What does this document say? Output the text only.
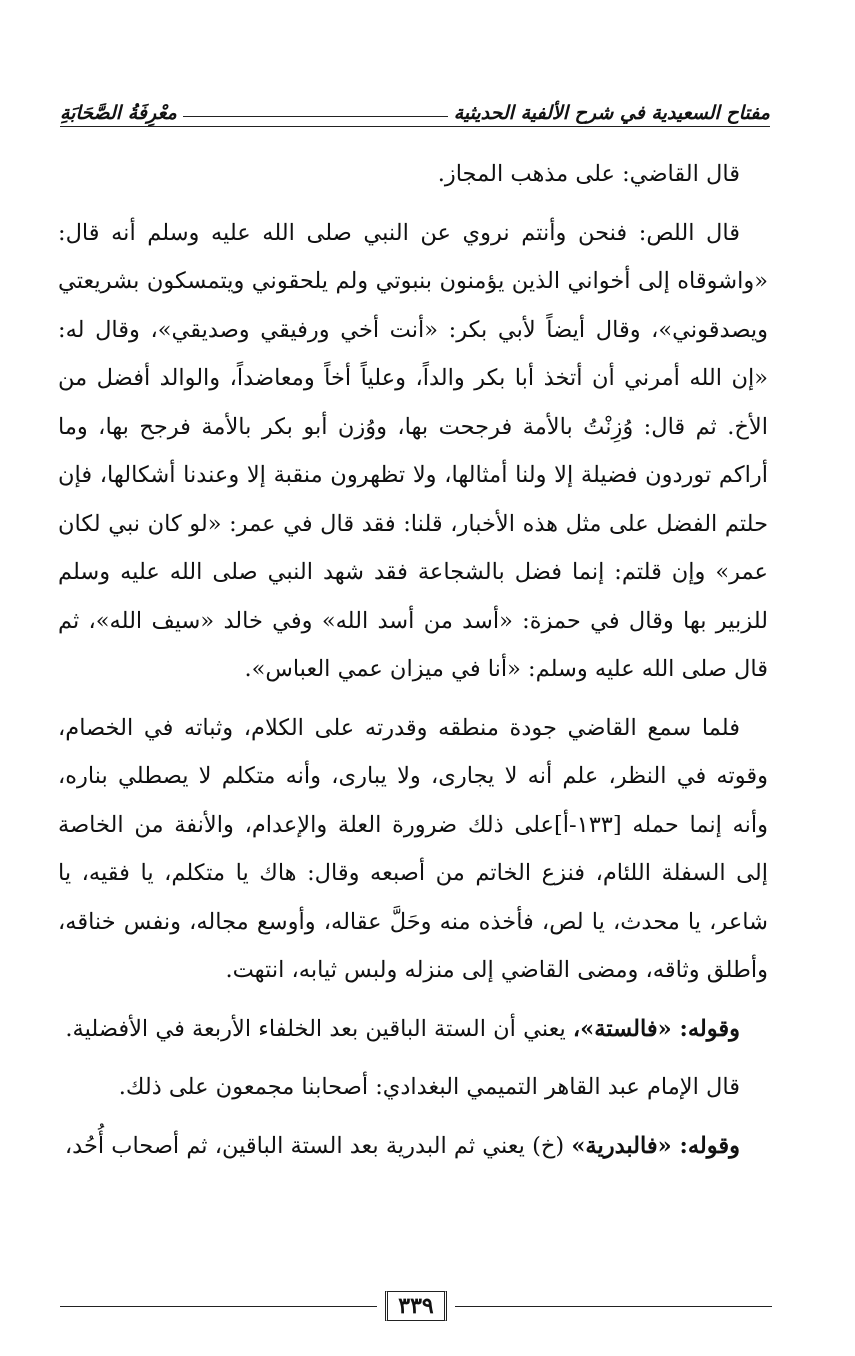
مفتاح السعيدية في شرح الألفية الحديثية
معْرِفَةُ الصَّحَابَةِ

قال القاضي: على مذهب المجاز.

قال اللص: فنحن وأنتم نروي عن النبي صلى الله عليه وسلم أنه قال: «واشوقاه إلى أخواني الذين يؤمنون بنبوتي ولم يلحقوني ويتمسكون بشريعتي ويصدقوني»، وقال أيضاً لأبي بكر: «أنت أخي ورفيقي وصديقي»، وقال له: «إن الله أمرني أن أتخذ أبا بكر والداً، وعلياً أخاً ومعاضداً، والوالد أفضل من الأخ. ثم قال: وُزِنْتُ بالأمة فرجحت بها، ووُزن أبو بكر بالأمة فرجح بها، وما أراكم توردون فضيلة إلا ولنا أمثالها، ولا تظهرون منقبة إلا وعندنا أشكالها، فإن حلتم الفضل على مثل هذه الأخبار، قلنا: فقد قال في عمر: «لو كان نبي لكان عمر» وإن قلتم: إنما فضل بالشجاعة فقد شهد النبي صلى الله عليه وسلم للزبير بها وقال في حمزة: «أسد من أسد الله» وفي خالد «سيف الله»، ثم قال صلى الله عليه وسلم: «أنا في ميزان عمي العباس».

فلما سمع القاضي جودة منطقه وقدرته على الكلام، وثباته في الخصام، وقوته في النظر، علم أنه لا يجارى، ولا يبارى، وأنه متكلم لا يصطلي بناره، وأنه إنما حمله [١٣٣-أ]على ذلك ضرورة العلة والإعدام، والأنفة من الخاصة إلى السفلة اللئام، فنزع الخاتم من أصبعه وقال: هاك يا متكلم، يا فقيه، يا شاعر، يا محدث، يا لص، فأخذه منه وحَلَّ عقاله، وأوسع مجاله، ونفس خناقه، وأطلق وثاقه، ومضى القاضي إلى منزله ولبس ثيابه، انتهت.

وقوله: «فالستة»، يعني أن الستة الباقين بعد الخلفاء الأربعة في الأفضلية.

قال الإمام عبد القاهر التميمي البغدادي: أصحابنا مجمعون على ذلك.

وقوله: «فالبدرية» (خ) يعني ثم البدرية بعد الستة الباقين، ثم أصحاب أُحُد،

٣٣٩
